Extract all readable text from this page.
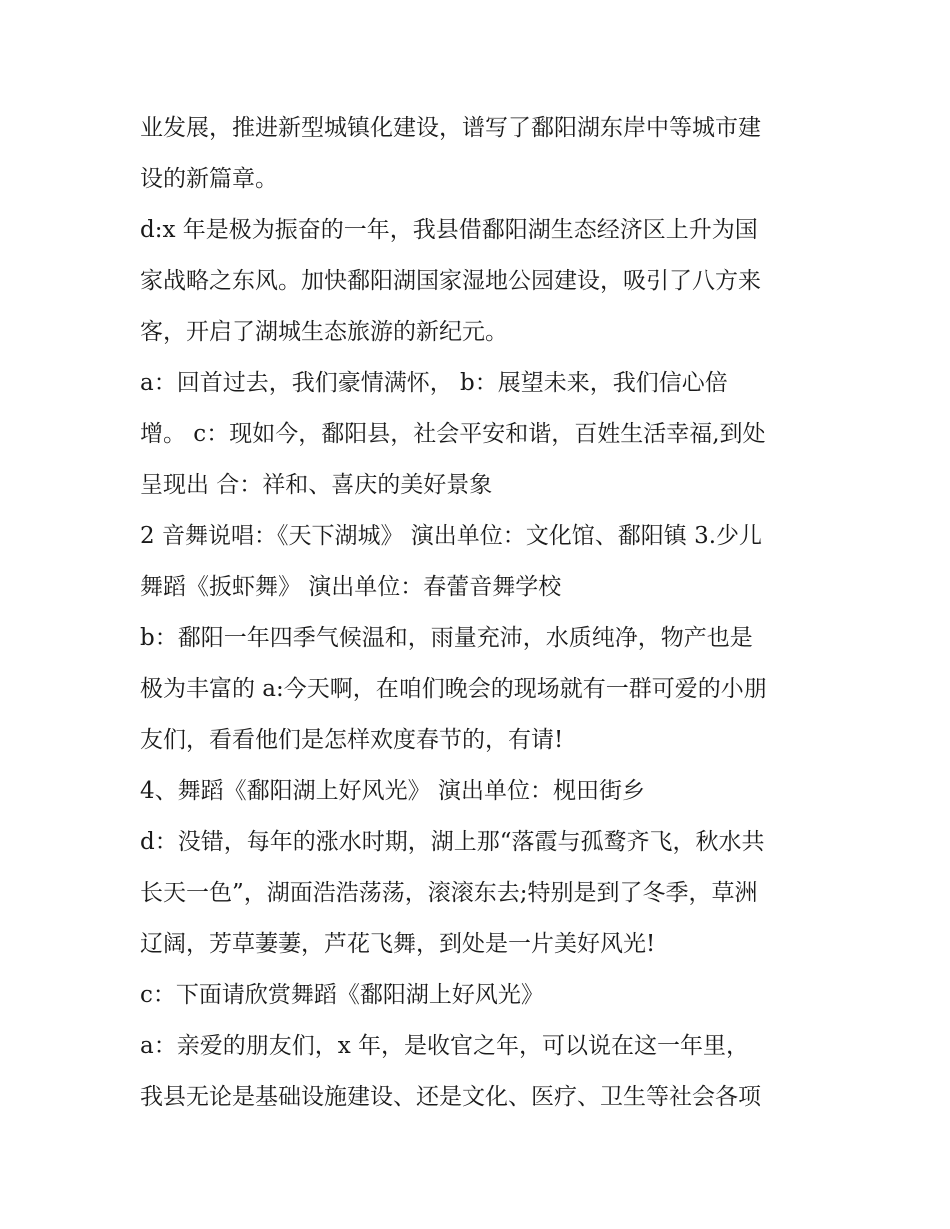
业发展，推进新型城镇化建设，谱写了鄱阳湖东岸中等城市建
设的新篇章。
d:x 年是极为振奋的一年，我县借鄱阳湖生态经济区上升为国
家战略之东风。加快鄱阳湖国家湿地公园建设，吸引了八方来
客，开启了湖城生态旅游的新纪元。
a：回首过去，我们豪情满怀， b：展望未来，我们信心倍
增。 c：现如今，鄱阳县，社会平安和谐，百姓生活幸福,到处
呈现出 合：祥和、喜庆的美好景象
2 音舞说唱：《天下湖城》 演出单位：文化馆、鄱阳镇 3.少儿
舞蹈《扳虾舞》 演出单位：春蕾音舞学校
b：鄱阳一年四季气候温和，雨量充沛，水质纯净，物产也是
极为丰富的 a:今天啊，在咱们晚会的现场就有一群可爱的小朋
友们，看看他们是怎样欢度春节的，有请!
4、舞蹈《鄱阳湖上好风光》 演出单位：枧田街乡
d：没错，每年的涨水时期，湖上那“落霞与孤鹜齐飞，秋水共
长天一色”，湖面浩浩荡荡，滚滚东去;特别是到了冬季，草洲
辽阔，芳草萋萋，芦花飞舞，到处是一片美好风光!
c：下面请欣赏舞蹈《鄱阳湖上好风光》
a：亲爱的朋友们，x 年，是收官之年，可以说在这一年里，
我县无论是基础设施建设、还是文化、医疗、卫生等社会各项
